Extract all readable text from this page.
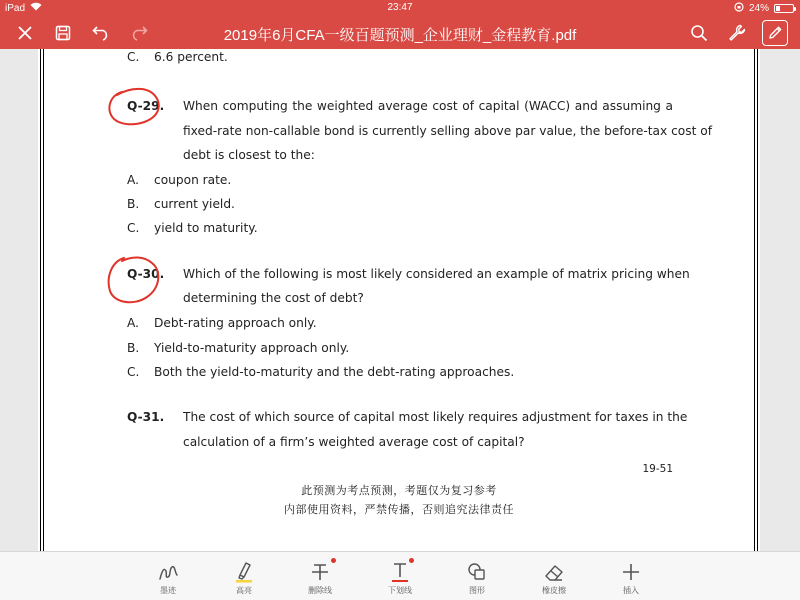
iPad	23:47	24%
2019年6月CFA一级百题预测_企业理财_金程教育.pdf
C. 6.6 percent.
Q-29. When computing the weighted average cost of capital (WACC) and assuming a
fixed-rate non-callable bond is currently selling above par value, the before-tax cost of
debt is closest to the:
A. coupon rate.
B. current yield.
C. yield to maturity.
Q-30. Which of the following is most likely considered an example of matrix pricing when
determining the cost of debt?
A. Debt-rating approach only.
B. Yield-to-maturity approach only.
C. Both the yield-to-maturity and the debt-rating approaches.
Q-31. The cost of which source of capital most likely requires adjustment for taxes in the
calculation of a firm’s weighted average cost of capital?
19-51
此预测为考点预测，考题仅为复习参考
内部使用资料，严禁传播，否则追究法律责任
墨迹	高亮	删除线	下划线	图形	橡皮擦	插入
